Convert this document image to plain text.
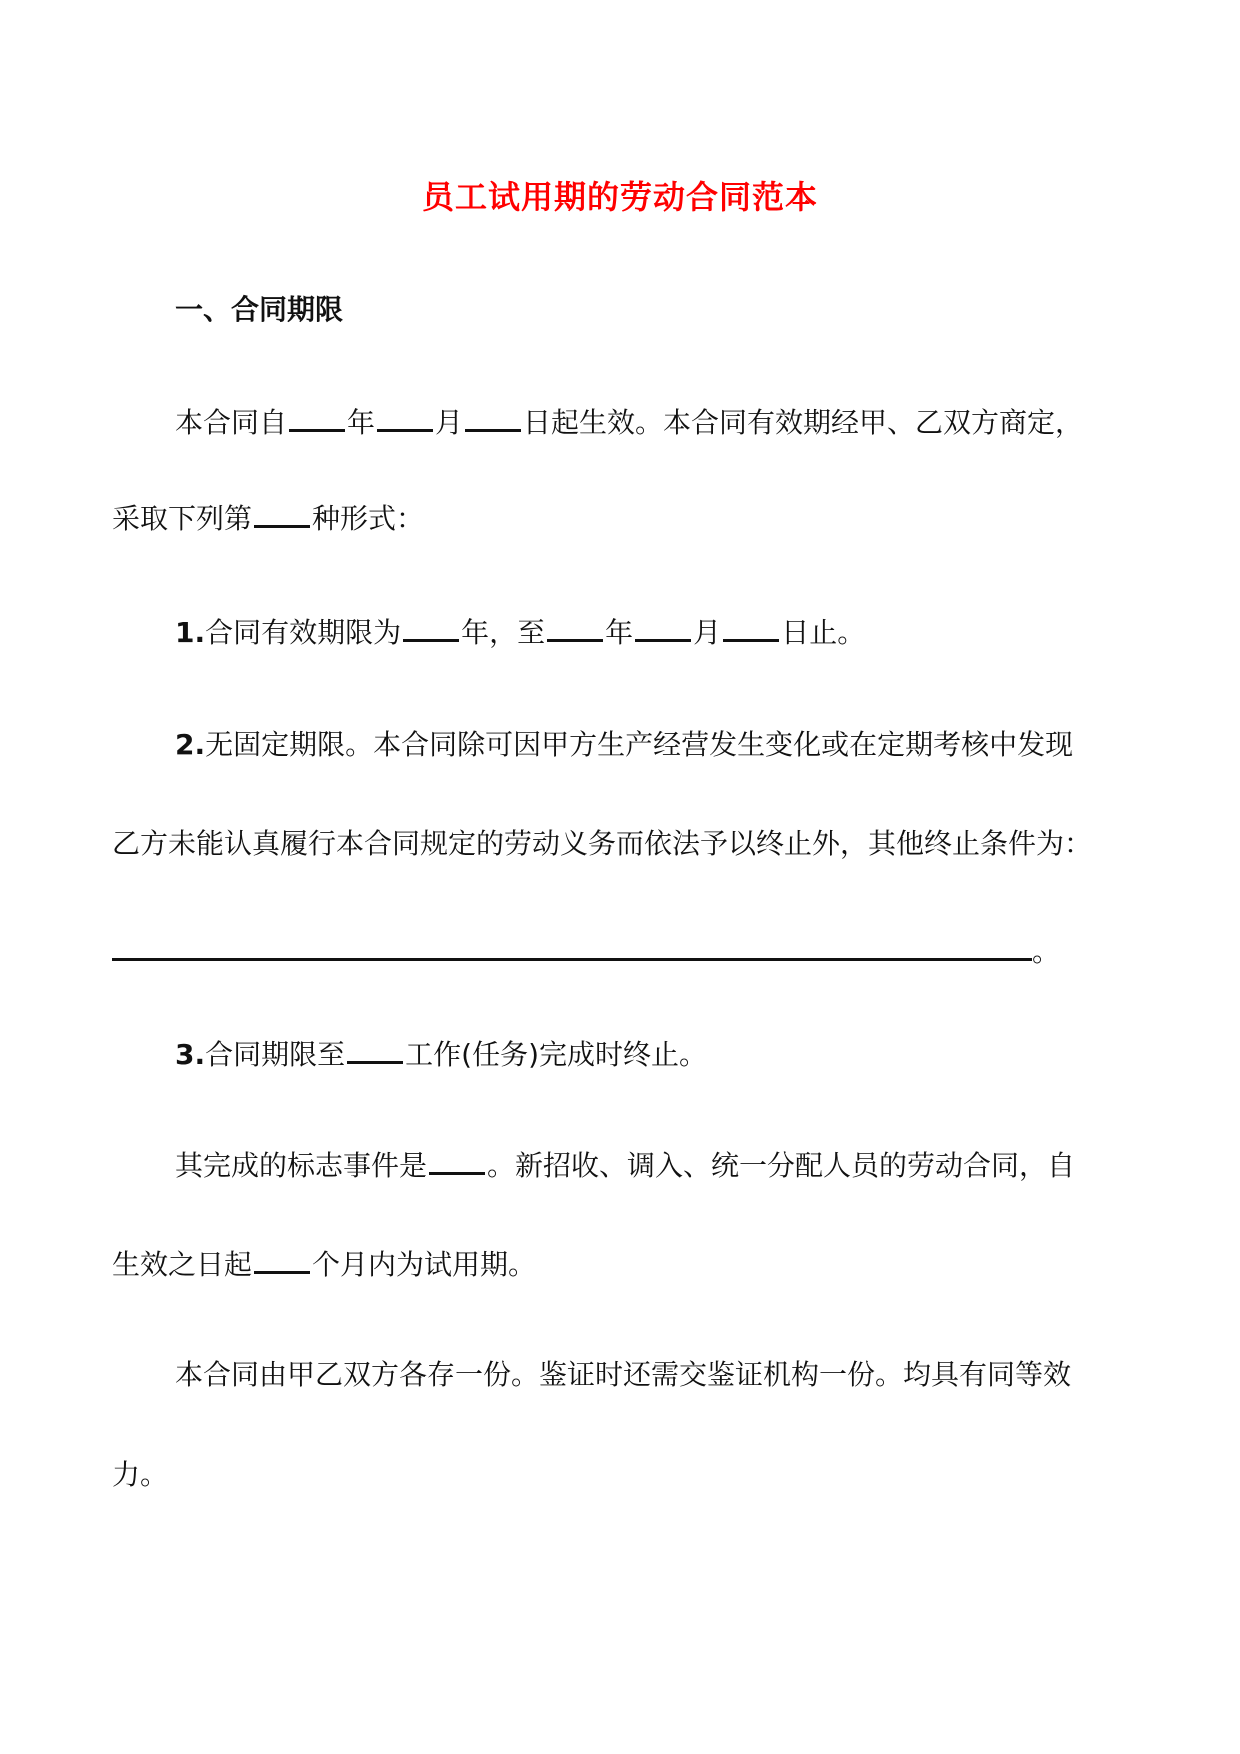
员工试用期的劳动合同范本
一、合同期限
本合同自 年 月 日起生效。本合同有效期经甲、乙双方商定，
采取下列第 种形式：
1.合同有效期限为 年，至 年 月 日止。
2.无固定期限。本合同除可因甲方生产经营发生变化或在定期考核中发现
乙方未能认真履行本合同规定的劳动义务而依法予以终止外，其他终止条件为：
。
3.合同期限至 工作(任务)完成时终止。
其完成的标志事件是 。新招收、调入、统一分配人员的劳动合同，自
生效之日起 个月内为试用期。
本合同由甲乙双方各存一份。鉴证时还需交鉴证机构一份。均具有同等效
力。
